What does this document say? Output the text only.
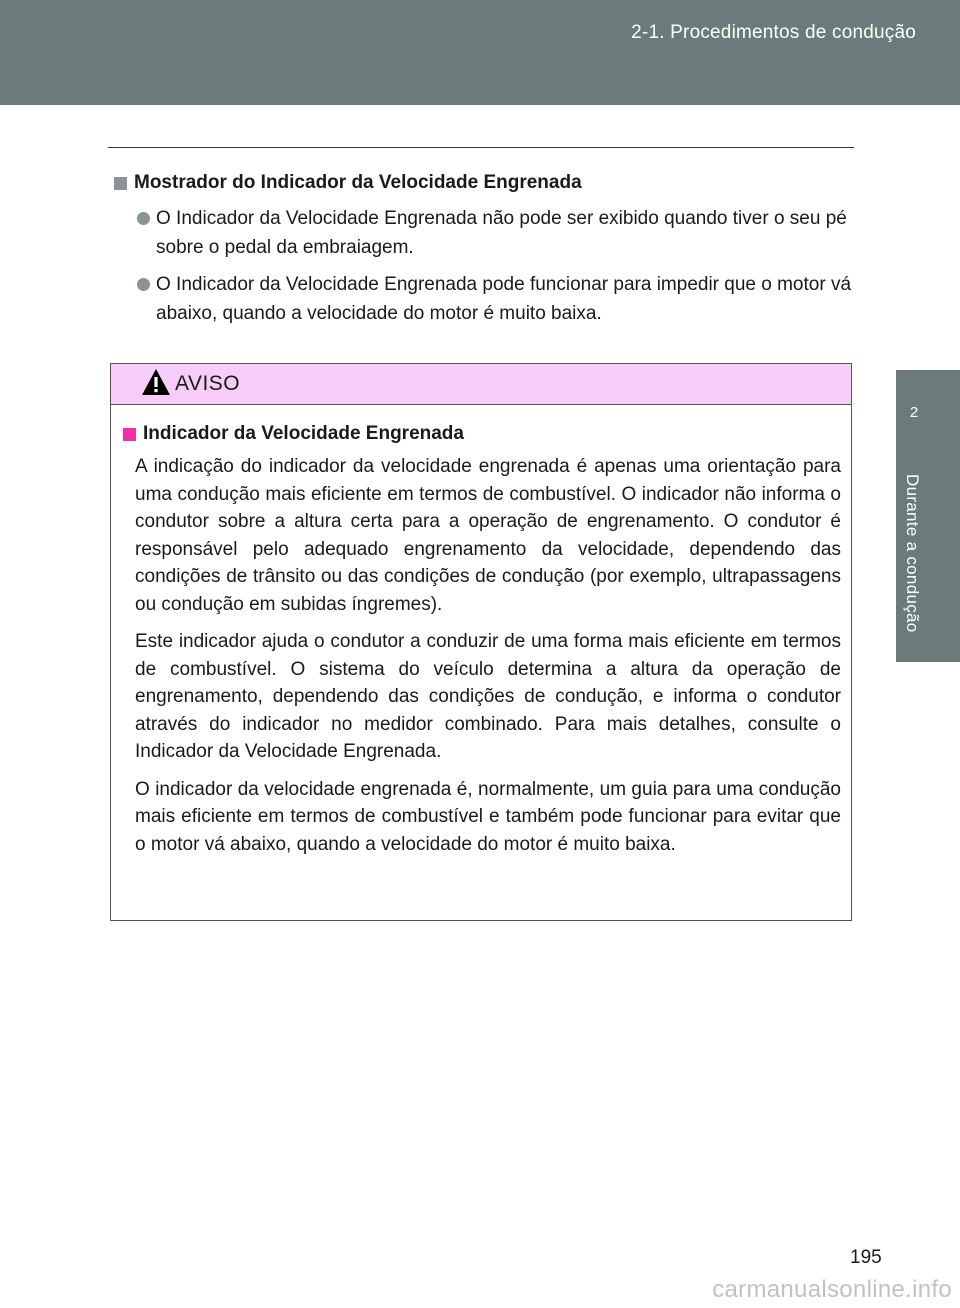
2-1. Procedimentos de condução
2
Durante a condução
Mostrador do Indicador da Velocidade Engrenada
O Indicador da Velocidade Engrenada não pode ser exibido quando tiver o seu pé sobre o pedal da embraiagem.
O Indicador da Velocidade Engrenada pode funcionar para impedir que o motor vá abaixo, quando a velocidade do motor é muito baixa.
AVISO
Indicador da Velocidade Engrenada

A indicação do indicador da velocidade engrenada é apenas uma orientação para uma condução mais eficiente em termos de combustível. O indicador não informa o condutor sobre a altura certa para a operação de engrenamento. O condutor é responsável pelo adequado engrenamento da velocidade, dependendo das condições de trânsito ou das condições de condução (por exemplo, ultrapassagens ou condução em subidas íngremes).

Este indicador ajuda o condutor a conduzir de uma forma mais eficiente em termos de combustível. O sistema do veículo determina a altura da operação de engrenamento, dependendo das condições de condução, e informa o condutor através do indicador no medidor combinado. Para mais detalhes, consulte o Indicador da Velocidade Engrenada.

O indicador da velocidade engrenada é, normalmente, um guia para uma condução mais eficiente em termos de combustível e também pode funcionar para evitar que o motor vá abaixo, quando a velocidade do motor é muito baixa.

195
carmanualsonline.info
